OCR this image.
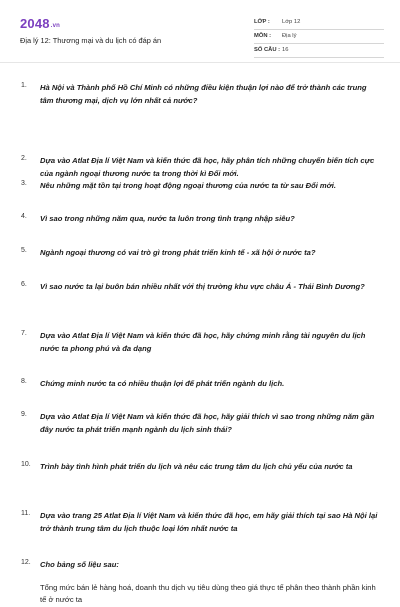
2048.vn
Địa lý 12: Thương mại và du lịch có đáp án
LỚP : Lớp 12
MÔN : Địa lý
SỐ CÂU : 16
1.	Hà Nội và Thành phố Hồ Chí Minh có những điều kiện thuận lợi nào để trở thành các trung tâm thương mại, dịch vụ lớn nhất cả nước?
2.	Dựa vào Atlat Địa lí Việt Nam và kiến thức đã học, hãy phân tích những chuyển biến tích cực của ngành ngoại thương nước ta trong thời kì Đổi mới.
3.	Nêu những mặt tồn tại trong hoạt động ngoại thương của nước ta từ sau Đổi mới.
4.	Vì sao trong những năm qua, nước ta luôn trong tình trạng nhập siêu?
5.	Ngành ngoại thương có vai trò gì trong phát triển kinh tế - xã hội ở nước ta?
6.	Vì sao nước ta lại buôn bán nhiều nhất với thị trường khu vực châu Á - Thái Bình Dương?
7.	Dựa vào Atlat Địa lí Việt Nam và kiến thức đã học, hãy chứng minh rằng tài nguyên du lịch nước ta phong phú và đa dạng
8.	Chứng minh nước ta có nhiều thuận lợi để phát triển ngành du lịch.
9.	Dựa vào Atlat Địa lí Việt Nam và kiến thức đã học, hãy giải thích vì sao trong những năm gần đây nước ta phát triển mạnh ngành du lịch sinh thái?
10.	Trình bày tình hình phát triển du lịch và nêu các trung tâm du lịch chủ yếu của nước ta
11.	Dựa vào trang 25 Atlat Địa lí Việt Nam và kiến thức đã học, em hãy giải thích tại sao Hà Nội lại trở thành trung tâm du lịch thuộc loại lớn nhất nước ta
12.	Cho bảng số liệu sau:
Tổng mức bán lẻ hàng hoá, doanh thu dịch vụ tiêu dùng theo giá thực tế phân theo thành phần kinh tế ở nước ta
